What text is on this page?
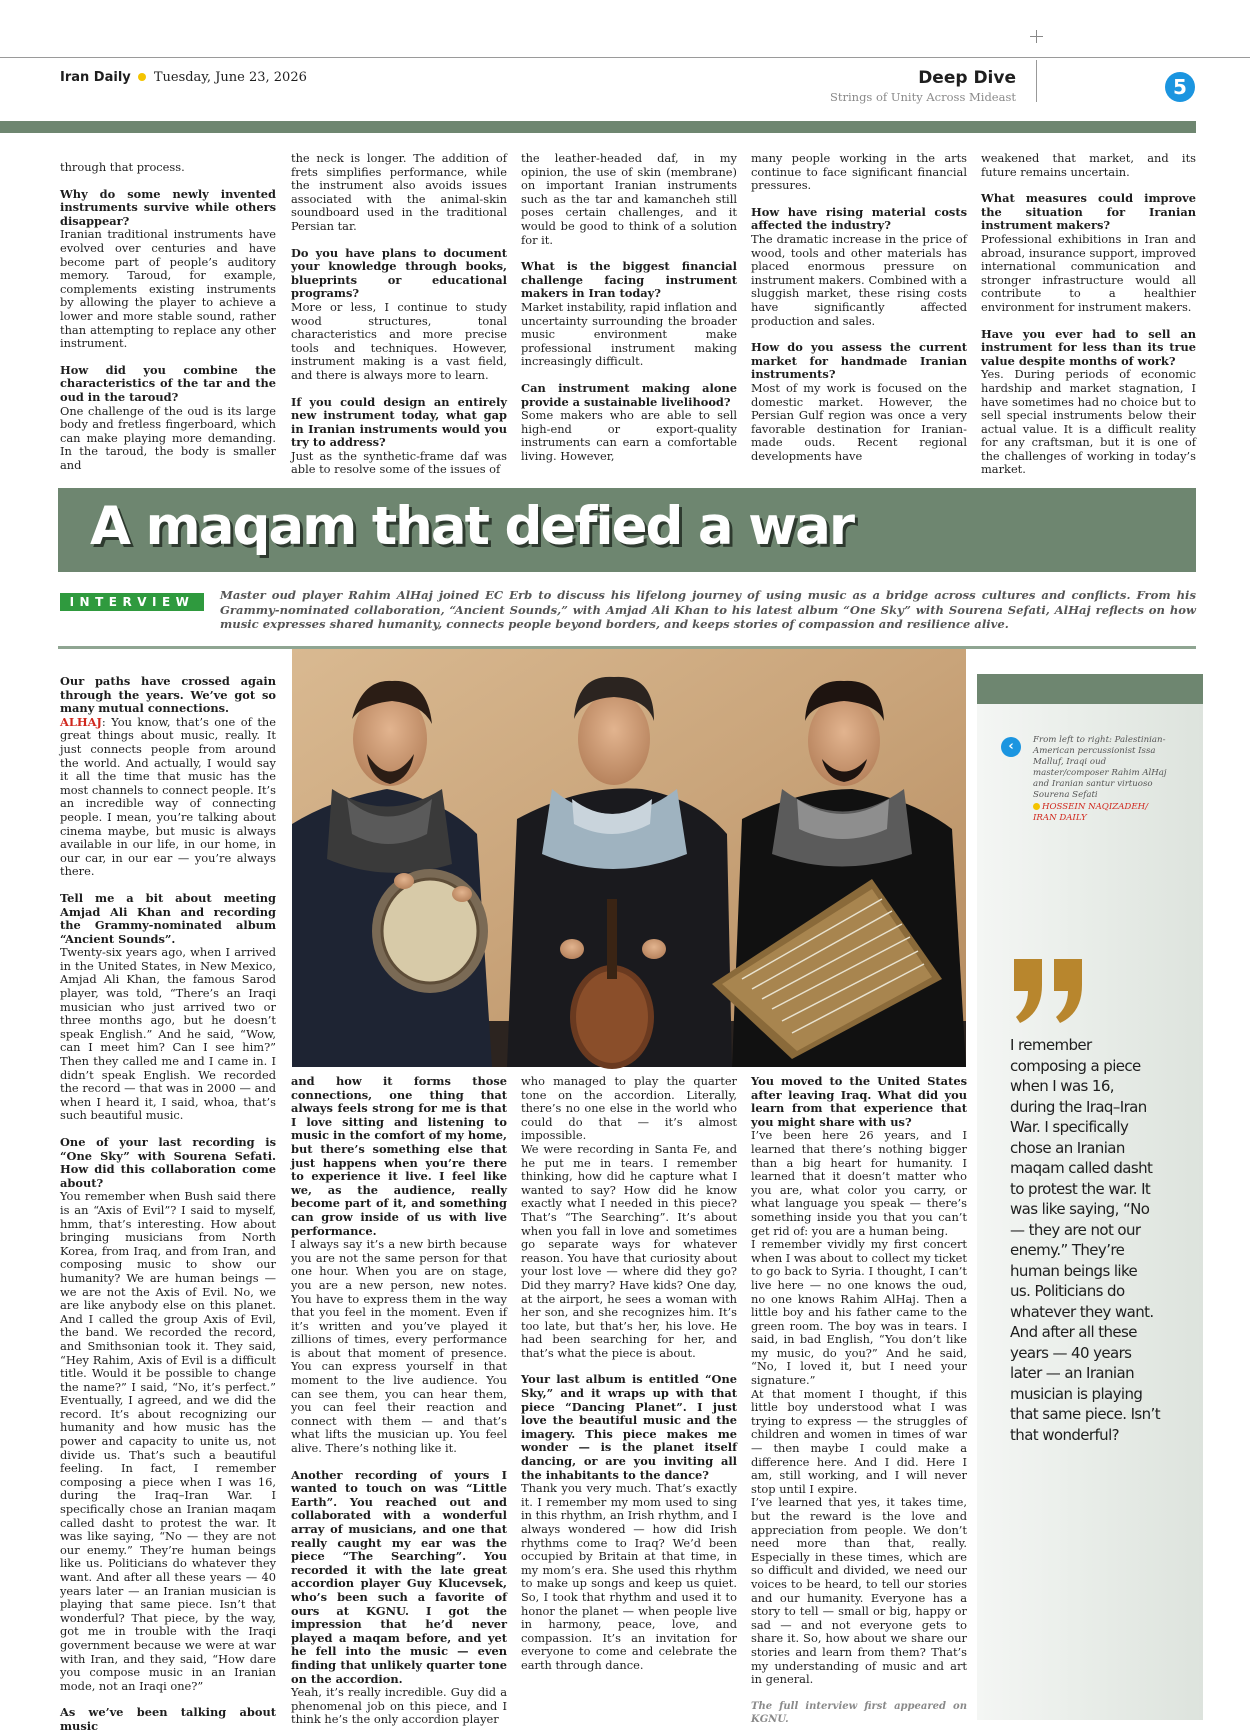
Iran Daily Tuesday, June 23, 2026	Deep Dive
Strings of Unity Across Mideast	5

through that process.

Why do some newly invented instruments survive while others disappear?

Iranian traditional instruments have evolved over centuries and have become part of people’s auditory memory. Taroud, for example, complements existing instruments by allowing the player to achieve a lower and more stable sound, rather than attempting to replace any other instrument.

How did you combine the characteristics of the tar and the oud in the taroud?

One challenge of the oud is its large body and fretless fingerboard, which can make playing more demanding. In the taroud, the body is smaller and

the neck is longer. The addition of frets simplifies performance, while the instrument also avoids issues associated with the animal-skin soundboard used in the traditional Persian tar.

Do you have plans to document your knowledge through books, blueprints or educational programs?

More or less, I continue to study wood structures, tonal characteristics and more precise tools and techniques. However, instrument making is a vast field, and there is always more to learn.

If you could design an entirely new instrument today, what gap in Iranian instruments would you try to address?

Just as the synthetic-frame daf was able to resolve some of the issues of

the leather-headed daf, in my opinion, the use of skin (membrane) on important Iranian instruments such as the tar and kamancheh still poses certain challenges, and it would be good to think of a solution for it.

What is the biggest financial challenge facing instrument makers in Iran today?

Market instability, rapid inflation and uncertainty surrounding the broader music environment make professional instrument making increasingly difficult.

Can instrument making alone provide a sustainable livelihood?

Some makers who are able to sell high-end or export-quality instruments can earn a comfortable living. However,

many people working in the arts continue to face significant financial pressures.

How have rising material costs affected the industry?

The dramatic increase in the price of wood, tools and other materials has placed enormous pressure on instrument makers. Combined with a sluggish market, these rising costs have significantly affected production and sales.

How do you assess the current market for handmade Iranian instruments?

Most of my work is focused on the domestic market. However, the Persian Gulf region was once a very favorable destination for Iranian-made ouds. Recent regional developments have

weakened that market, and its future remains uncertain.

What measures could improve the situation for Iranian instrument makers?

Professional exhibitions in Iran and abroad, insurance support, improved international communication and stronger infrastructure would all contribute to a healthier environment for instrument makers.

Have you ever had to sell an instrument for less than its true value despite months of work?

Yes. During periods of economic hardship and market stagnation, I have sometimes had no choice but to sell special instruments below their actual value. It is a difficult reality for any craftsman, but it is one of the challenges of working in today’s market.

A maqam that defied a war
INTERVIEW	Master oud player Rahim AlHaj joined EC Erb to discuss his lifelong journey of using music as a bridge across cultures and conflicts. From his Grammy-nominated collaboration, “Ancient Sounds,” with Amjad Ali Khan to his latest album “One Sky” with Sourena Sefati, AlHaj reflects on how music expresses shared humanity, connects people beyond borders, and keeps stories of compassion and resilience alive.

Our paths have crossed again through the years. We’ve got so many mutual connections.

ALHAJ: You know, that’s one of the great things about music, really. It just connects people from around the world. And actually, I would say it all the time that music has the most channels to connect people. It’s an incredible way of connecting people. I mean, you’re talking about cinema maybe, but music is always available in our life, in our home, in our car, in our ear — you’re always there.

Tell me a bit about meeting Amjad Ali Khan and recording the Grammy-nominated album “Ancient Sounds”.

Twenty-six years ago, when I arrived in the United States, in New Mexico, Amjad Ali Khan, the famous Sarod player, was told, “There’s an Iraqi musician who just arrived two or three months ago, but he doesn’t speak English.” And he said, “Wow, can I meet him? Can I see him?” Then they called me and I came in. I didn’t speak English. We recorded the record — that was in 2000 — and when I heard it, I said, whoa, that’s such beautiful music.

One of your last recording is “One Sky” with Sourena Sefati. How did this collaboration come about?

You remember when Bush said there is an “Axis of Evil”? I said to myself, hmm, that’s interesting. How about bringing musicians from North Korea, from Iraq, and from Iran, and composing music to show our humanity? We are human beings — we are not the Axis of Evil. No, we are like anybody else on this planet. And I called the group Axis of Evil, the band. We recorded the record, and Smithsonian took it. They said, “Hey Rahim, Axis of Evil is a difficult title. Would it be possible to change the name?” I said, “No, it’s perfect.” Eventually, I agreed, and we did the record. It’s about recognizing our humanity and how music has the power and capacity to unite us, not divide us. That’s such a beautiful feeling. In fact, I remember composing a piece when I was 16, during the Iraq–Iran War. I specifically chose an Iranian maqam called dasht to protest the war. It was like saying, “No — they are not our enemy.” They’re human beings like us. Politicians do whatever they want. And after all these years — 40 years later — an Iranian musician is playing that same piece. Isn’t that wonderful? That piece, by the way, got me in trouble with the Iraqi government because we were at war with Iran, and they said, “How dare you compose music in an Iranian mode, not an Iraqi one?”

As we’ve been talking about music

and how it forms those connections, one thing that always feels strong for me is that I love sitting and listening to music in the comfort of my home, but there’s something else that just happens when you’re there to experience it live. I feel like we, as the audience, really become part of it, and something can grow inside of us with live performance.

I always say it’s a new birth because you are not the same person for that one hour. When you are on stage, you are a new person, new notes. You have to express them in the way that you feel in the moment. Even if it’s written and you’ve played it zillions of times, every performance is about that moment of presence. You can express yourself in that moment to the live audience. You can see them, you can hear them, you can feel their reaction and connect with them — and that’s what lifts the musician up. You feel alive. There’s nothing like it.

Another recording of yours I wanted to touch on was “Little Earth”. You reached out and collaborated with a wonderful array of musicians, and one that really caught my ear was the piece “The Searching”. You recorded it with the late great accordion player Guy Klucevsek, who’s been such a favorite of ours at KGNU. I got the impression that he’d never played a maqam before, and yet he fell into the music — even finding that unlikely quarter tone on the accordion.

Yeah, it’s really incredible. Guy did a phenomenal job on this piece, and I think he’s the only accordion player

who managed to play the quarter tone on the accordion. Literally, there’s no one else in the world who could do that — it’s almost impossible.

We were recording in Santa Fe, and he put me in tears. I remember thinking, how did he capture what I wanted to say? How did he know exactly what I needed in this piece? That’s “The Searching”. It’s about when you fall in love and sometimes go separate ways for whatever reason. You have that curiosity about your lost love — where did they go? Did they marry? Have kids? One day, at the airport, he sees a woman with her son, and she recognizes him. It’s too late, but that’s her, his love. He had been searching for her, and that’s what the piece is about.

Your last album is entitled “One Sky,” and it wraps up with that piece “Dancing Planet”. I just love the beautiful music and the imagery. This piece makes me wonder — is the planet itself dancing, or are you inviting all the inhabitants to the dance?

Thank you very much. That’s exactly it. I remember my mom used to sing in this rhythm, an Irish rhythm, and I always wondered — how did Irish rhythms come to Iraq? We’d been occupied by Britain at that time, in my mom’s era. She used this rhythm to make up songs and keep us quiet. So, I took that rhythm and used it to honor the planet — when people live in harmony, peace, love, and compassion. It’s an invitation for everyone to come and celebrate the earth through dance.

You moved to the United States after leaving Iraq. What did you learn from that experience that you might share with us?

I’ve been here 26 years, and I learned that there’s nothing bigger than a big heart for humanity. I learned that it doesn’t matter who you are, what color you carry, or what language you speak — there’s something inside you that you can’t get rid of: you are a human being.

I remember vividly my first concert when I was about to collect my ticket to go back to Syria. I thought, I can’t live here — no one knows the oud, no one knows Rahim AlHaj. Then a little boy and his father came to the green room. The boy was in tears. I said, in bad English, “You don’t like my music, do you?” And he said, “No, I loved it, but I need your signature.”

At that moment I thought, if this little boy understood what I was trying to express — the struggles of children and women in times of war — then maybe I could make a difference here. And I did. Here I am, still working, and I will never stop until I expire.

I’ve learned that yes, it takes time, but the reward is the love and appreciation from people. We don’t need more than that, really. Especially in these times, which are so difficult and divided, we need our voices to be heard, to tell our stories and our humanity. Everyone has a story to tell — small or big, happy or sad — and not everyone gets to share it. So, how about we share our stories and learn from them? That’s my understanding of music and art in general.

The full interview first appeared on KGNU.

‹	From left to right: Palestinian-American percussionist Issa Malluf, Iraqi oud master/composer Rahim AlHaj and Iranian santur virtuoso Sourena Sefati
HOSSEIN NAQIZADEH/
IRAN DAILY
I remember composing a piece when I was 16, during the Iraq–Iran War. I specifically chose an Iranian maqam called dasht to protest the war. It was like saying, “No — they are not our enemy.” They’re human beings like us. Politicians do whatever they want. And after all these years — 40 years later — an Iranian musician is playing that same piece. Isn’t that wonderful?
